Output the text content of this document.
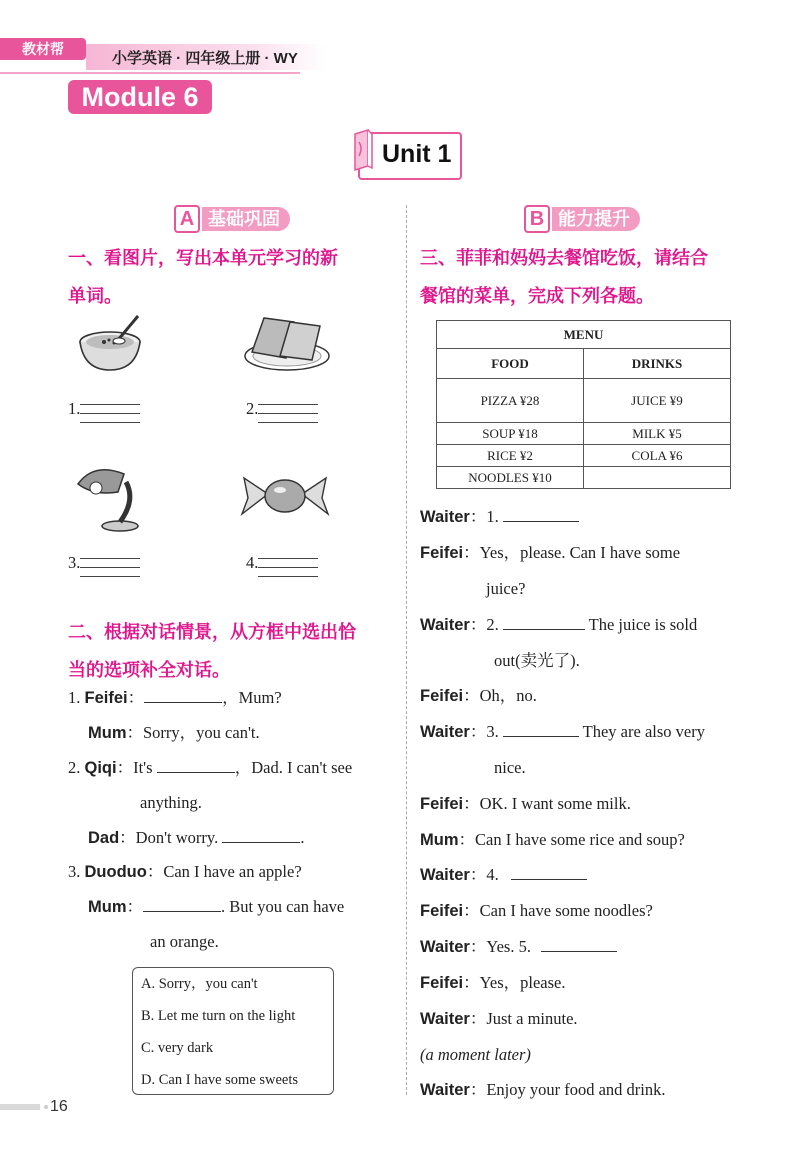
教材帮
小学英语 · 四年级上册 · WY
Module 6
Unit 1
A 基础巩固
一、看图片，写出本单元学习的新
单词。
1.	2.
3.	4.
二、根据对话情景，从方框中选出恰
当的选项补全对话。
1. Feifei：	，Mum?
Mum：Sorry，you can't.
2. Qiqi：It's	，Dad. I can't see
anything.
Dad：Don't worry.	.
3. Duoduo：Can I have an apple?
Mum：	. But you can have
an orange.
A. Sorry，you can't
B. Let me turn on the light
C. very dark
D. Can I have some sweets
B 能力提升
三、菲菲和妈妈去餐馆吃饭，请结合
餐馆的菜单，完成下列各题。
MENU	
FOOD	DRINKS
PIZZA ¥28	JUICE ¥9
SOUP ¥18	MILK ¥5
RICE ¥2	COLA ¥6
NOODLES ¥10	
Waiter：1.
Feifei：Yes，please. Can I have some
juice?
Waiter：2.	The juice is sold
out(卖光了).
Feifei：Oh，no.
Waiter：3.	They are also very
nice.
Feifei：OK. I want some milk.
Mum：Can I have some rice and soup?
Waiter：4.
Feifei：Can I have some noodles?
Waiter：Yes. 5.
Feifei：Yes，please.
Waiter：Just a minute.
(a moment later)
Waiter：Enjoy your food and drink.
16
